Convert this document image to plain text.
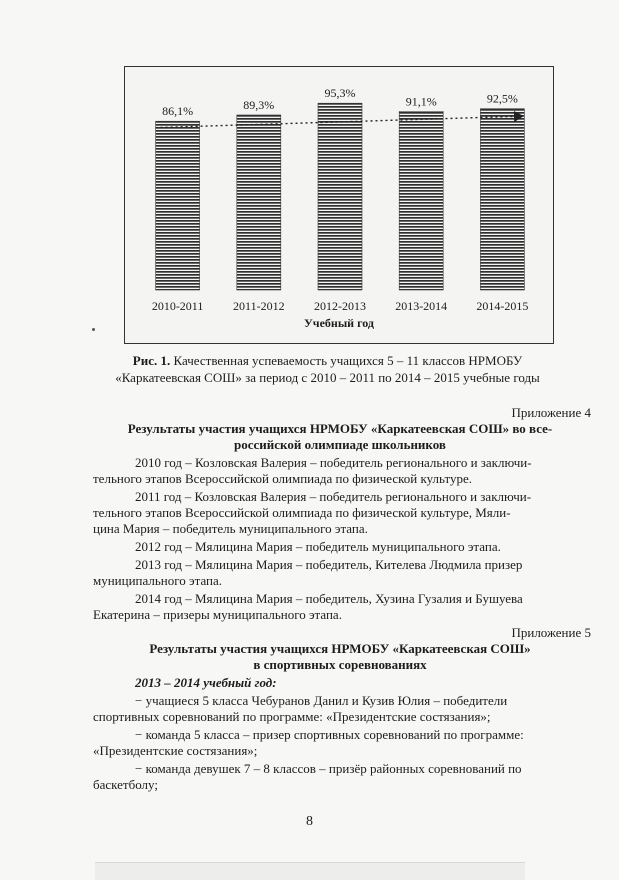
86,1%	89,3%
95,3%
91,1%	92,5%
2010-2011 2011-2012 2012-2013 2013-2014 2014-2015
Учебный год
Рис. 1. Качественная успеваемость учащихся 5 – 11 классов НРМОБУ
«Каркатеевская СОШ» за период с 2010 – 2011 по 2014 – 2015 учебные годы
Приложение 4
Результаты участия учащихся НРМОБУ «Каркатеевская СОШ» во все-
российской олимпиаде школьников
2010 год – Козловская Валерия – победитель регионального и заключи-
тельного этапов Всероссийской олимпиада по физической культуре.
2011 год – Козловская Валерия – победитель регионального и заключи-
тельного этапов Всероссийской олимпиада по физической культуре, Мяли-
цина Мария – победитель муниципального этапа.
2012 год – Мялицина Мария – победитель муниципального этапа.
2013 год – Мялицина Мария – победитель, Кителева Людмила призер
муниципального этапа.
2014 год – Мялицина Мария – победитель, Хузина Гузалия и Бушуева
Екатерина – призеры муниципального этапа.
Приложение 5
Результаты участия учащихся НРМОБУ «Каркатеевская СОШ»
в спортивных соревнованиях
2013 – 2014 учебный год:
− учащиеся 5 класса Чебуранов Данил и Кузив Юлия – победители
спортивных соревнований по программе: «Президентские состязания»;
− команда 5 класса – призер спортивных соревнований по программе:
«Президентские состязания»;
− команда девушек 7 – 8 классов – призёр районных соревнований по
баскетболу;
8
